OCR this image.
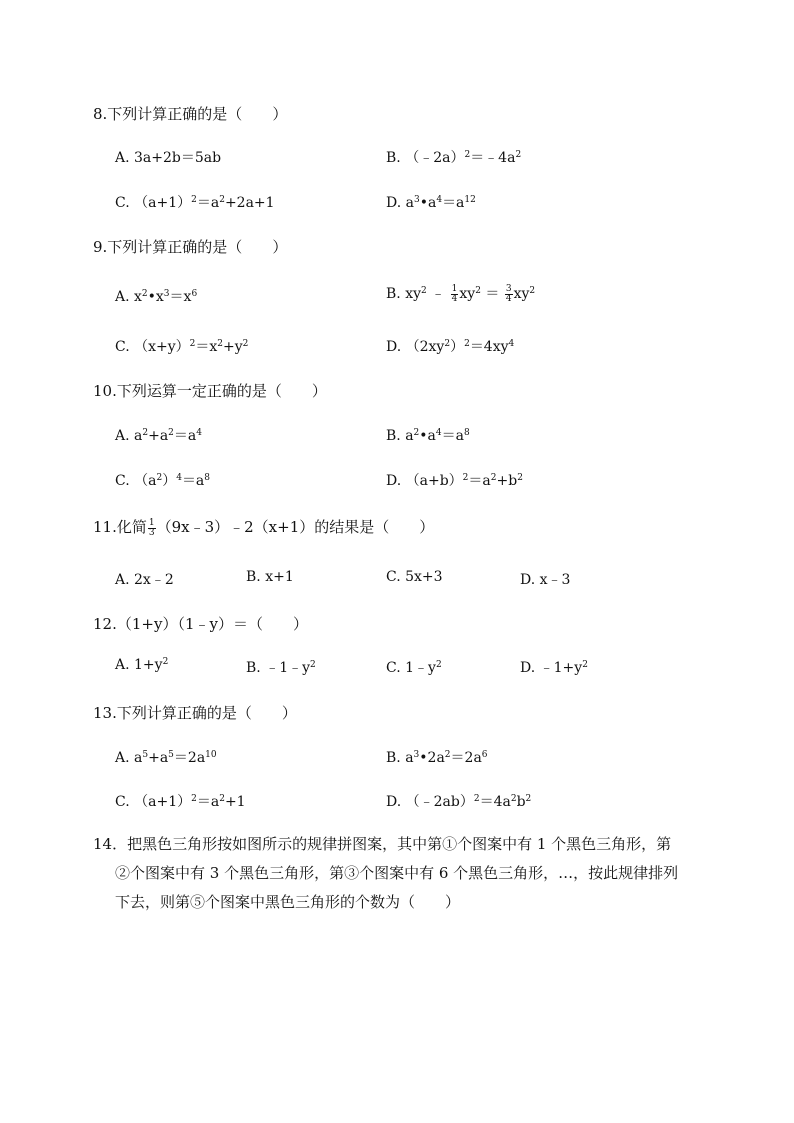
8.下列计算正确的是（　　）
A. 3a+2b＝5ab	B. $(﹣2a)^2=﹣4a^2$
C. $(a+1)^2=a^2+2a+1$	D. $a^3•a^4=a^{12}$
9.下列计算正确的是（　　）
A. $x^2•x^3=x^6$	B. $xy^2$ ﹣ $\frac{1}{4} xy^2 = \frac{3}{4} xy^2$
C. $(x+y)^2=x^2+y^2$	D. $(2xy^2)^2=4xy^4$
10.下列运算一定正确的是（　　）
A. $a^2+a^2=a^4$	B. $a^2•a^4=a^8$
C. $(a^2)^4=a^8$	D. $(a+b)^2=a^2+b^2$
11.化简 $\frac{1}{3}$ （9x﹣3）﹣2（x+1）的结果是（　　）
A. 2x﹣2	B. x+1	C. 5x+3	D. x﹣3
12.（1+y）（1﹣y）＝（　　）
A. $1+y^2$	B. $﹣1﹣y^2$	C. $1﹣y^2$	D. $﹣1+y^2$
13.下列计算正确的是（　　）
A. $a^5+a^5=2a^{10}$	B. $a^3•2a^2=2a^6$
C. $(a+1)^2=a^2+1$	D. $(﹣2ab)^2=4a^2b^2$
14．把黑色三角形按如图所示的规律拼图案，其中第①个图案中有 1 个黑色三角形，第
②个图案中有 3 个黑色三角形，第③个图案中有 6 个黑色三角形，…，按此规律排列
下去，则第⑤个图案中黑色三角形的个数为（　　）
